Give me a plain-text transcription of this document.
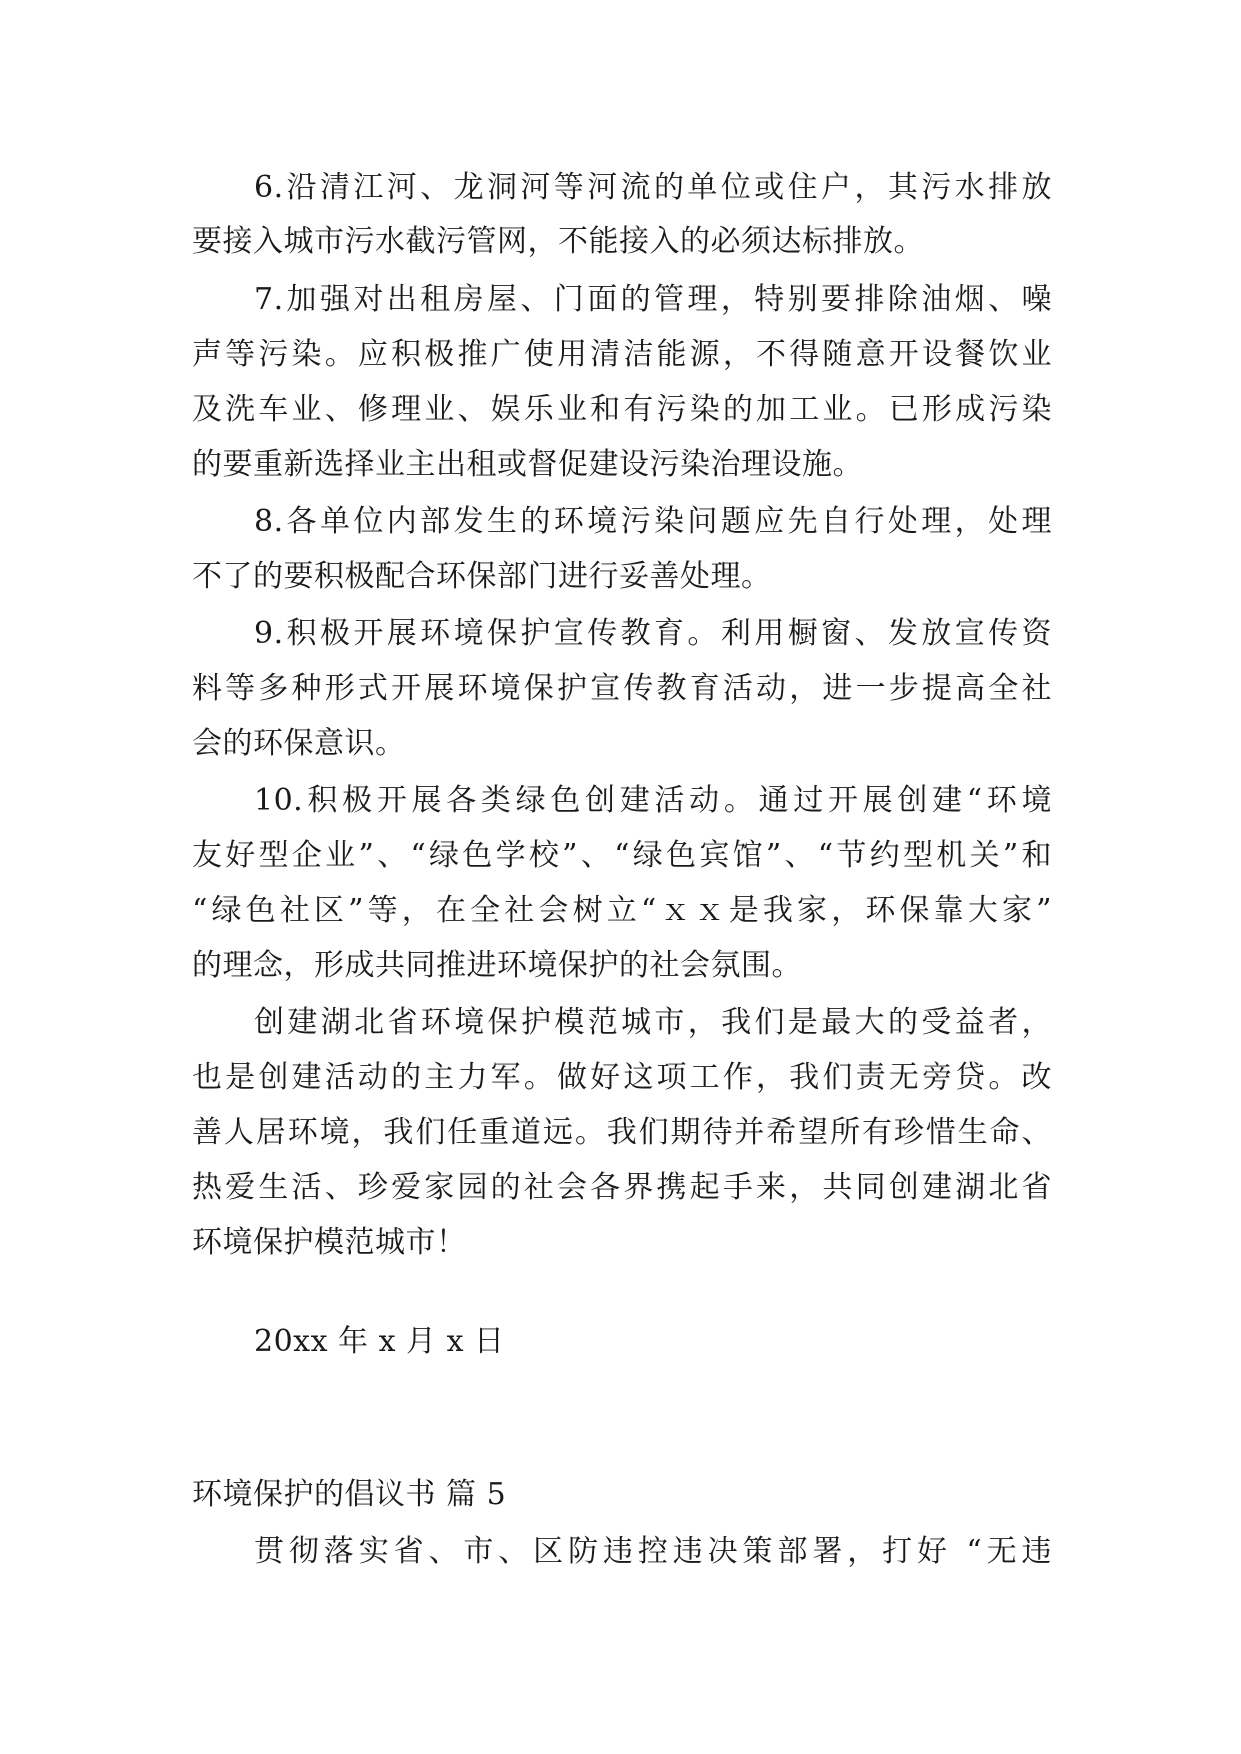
6.沿清江河、龙洞河等河流的单位或住户，其污水排放
要接入城市污水截污管网，不能接入的必须达标排放。
7.加强对出租房屋、门面的管理，特别要排除油烟、噪
声等污染。应积极推广使用清洁能源，不得随意开设餐饮业
及洗车业、修理业、娱乐业和有污染的加工业。已形成污染
的要重新选择业主出租或督促建设污染治理设施。
8.各单位内部发生的环境污染问题应先自行处理，处理
不了的要积极配合环保部门进行妥善处理。
9.积极开展环境保护宣传教育。利用橱窗、发放宣传资
料等多种形式开展环境保护宣传教育活动，进一步提高全社
会的环保意识。
10.积极开展各类绿色创建活动。通过开展创建“环境
友好型企业”、“绿色学校”、“绿色宾馆”、“节约型机关”和
“绿色社区”等，在全社会树立“ｘｘ是我家，环保靠大家”
的理念，形成共同推进环境保护的社会氛围。
创建湖北省环境保护模范城市，我们是最大的受益者，
也是创建活动的主力军。做好这项工作，我们责无旁贷。改
善人居环境，我们任重道远。我们期待并希望所有珍惜生命、
热爱生活、珍爱家园的社会各界携起手来，共同创建湖北省
环境保护模范城市！
20xx 年 x 月 x 日
环境保护的倡议书 篇 5
贯彻落实省、市、区防违控违决策部署，打好 “无违
